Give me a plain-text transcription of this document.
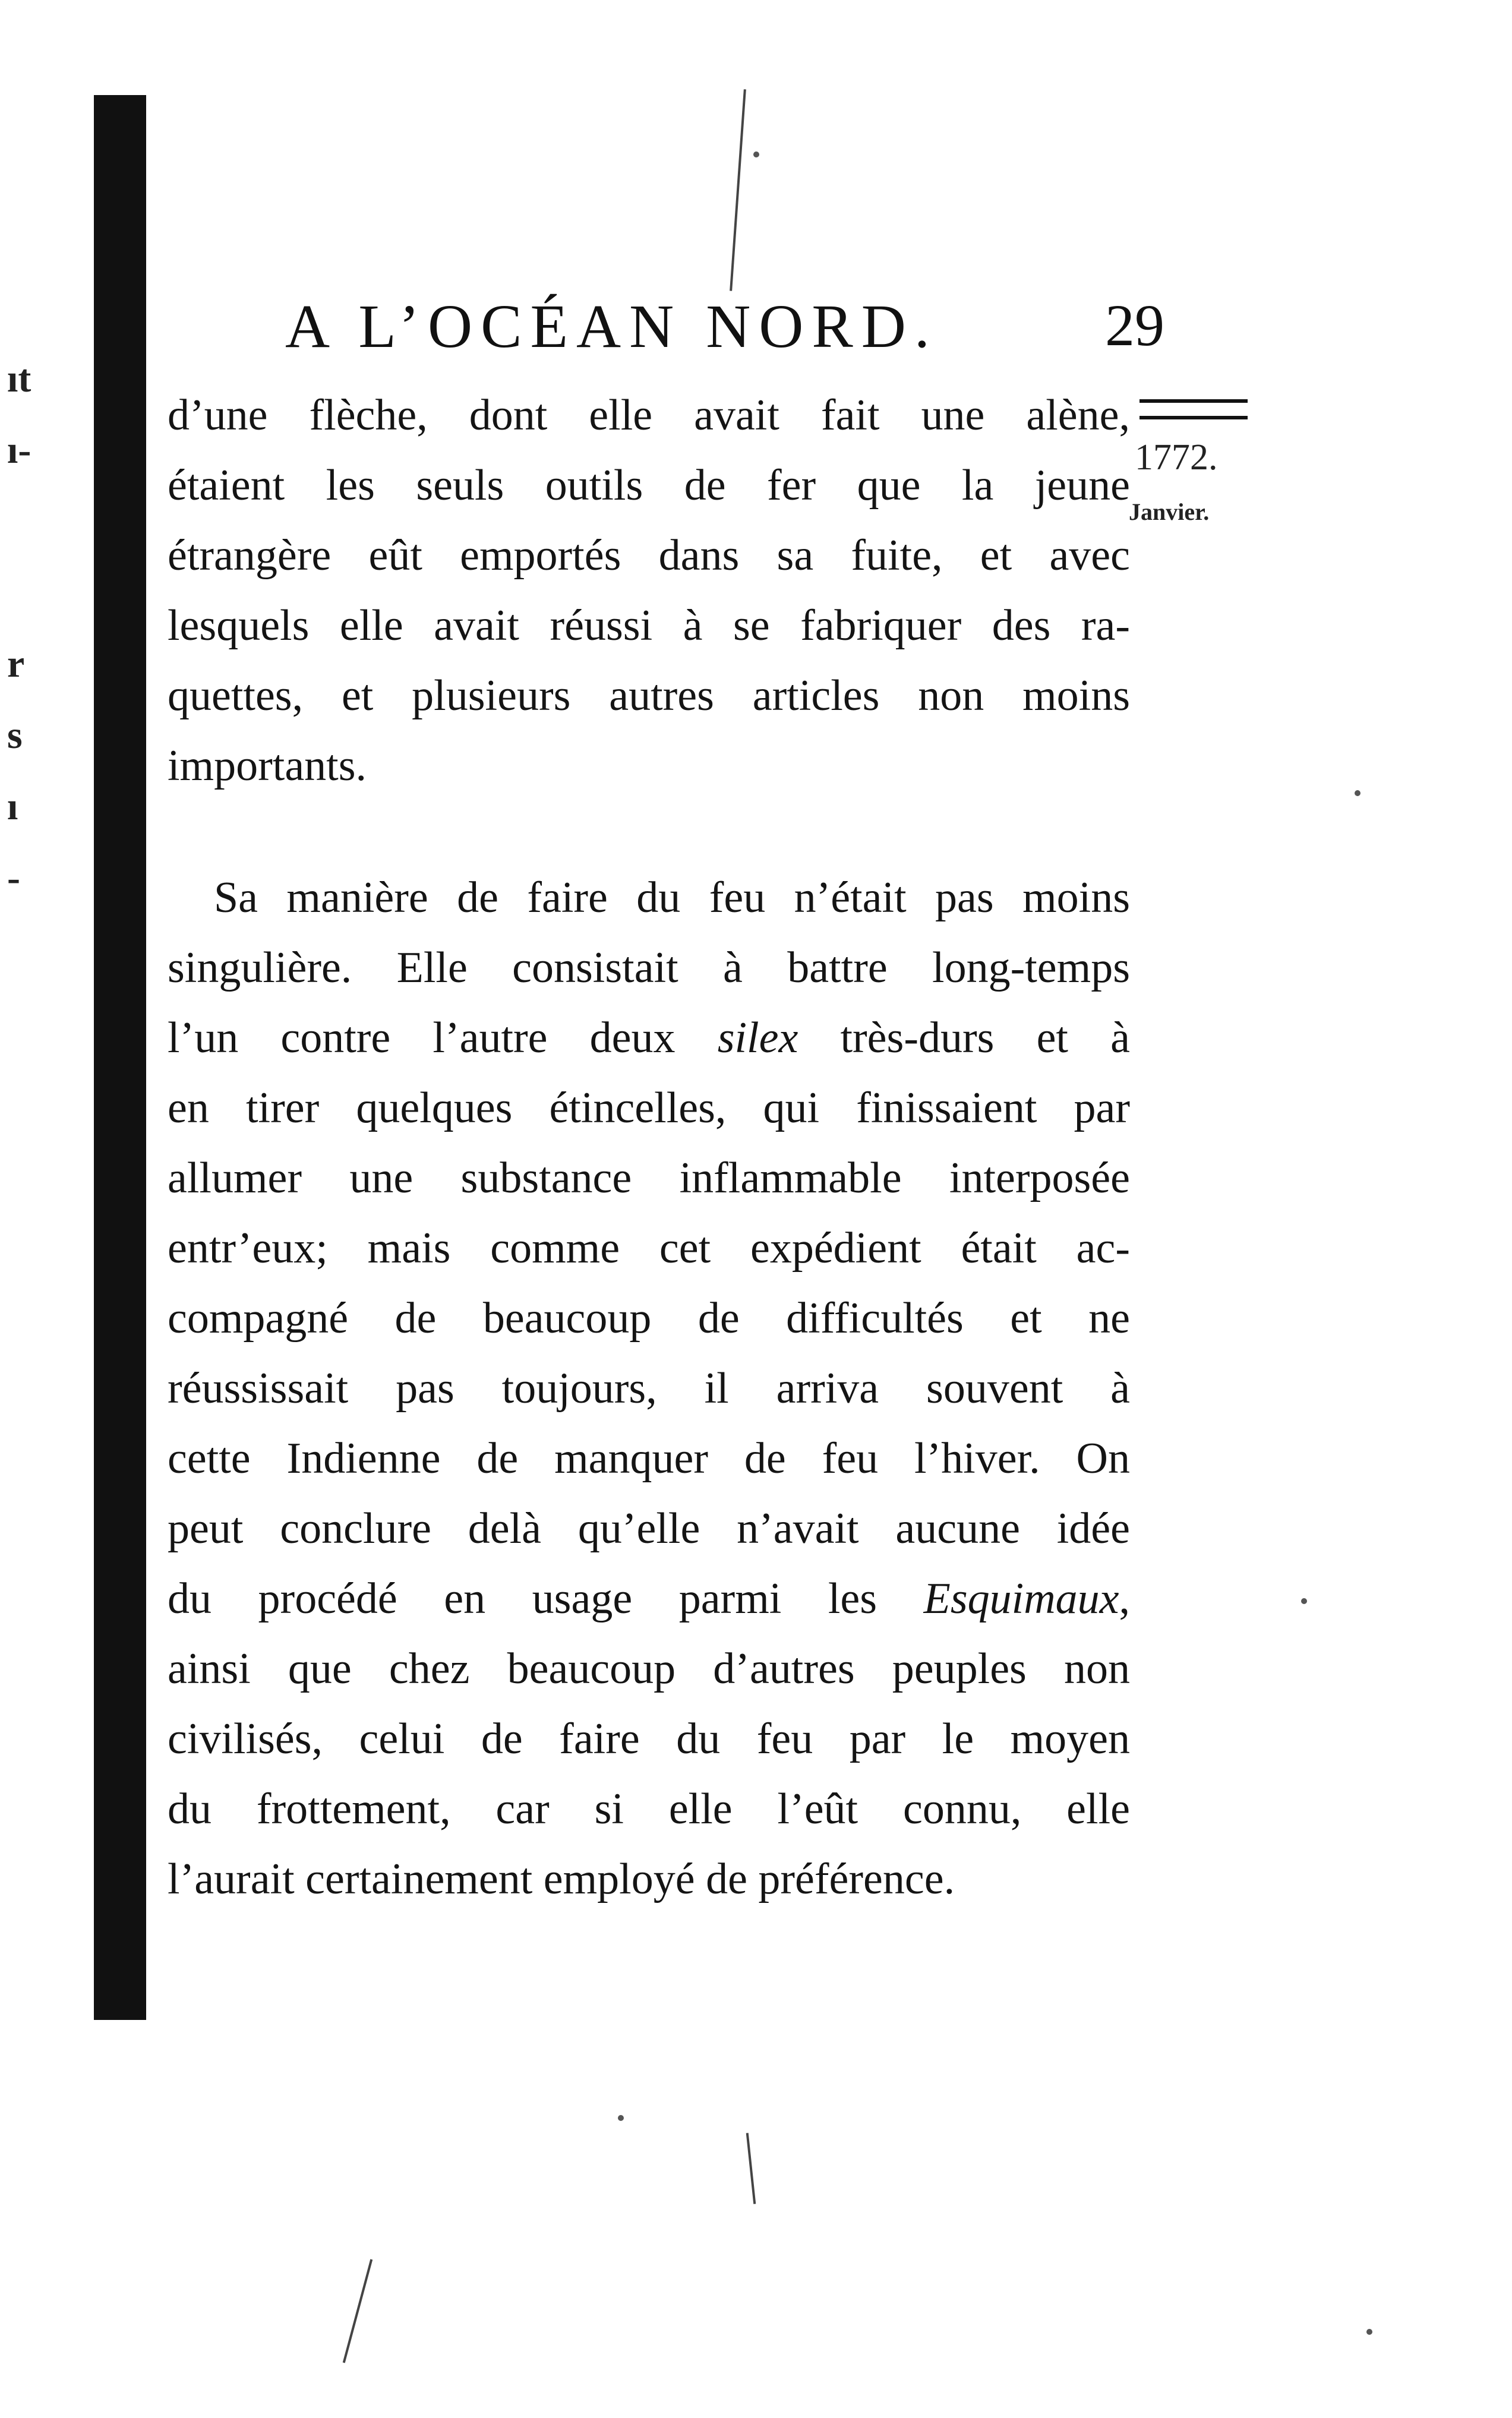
ıt
ı-
r
s
ı
-
A L’OCÉAN NORD.	29
1772.
Janvier.
d’une flèche, dont elle avait fait une alène,
étaient les seuls outils de fer que la jeune
étrangère eût emportés dans sa fuite, et avec
lesquels elle avait réussi à se fabriquer des ra-
quettes, et plusieurs autres articles non moins
importants.
Sa manière de faire du feu n’était pas moins
singulière. Elle consistait à battre long-temps
l’un contre l’autre deux silex très-durs et à
en tirer quelques étincelles, qui finissaient par
allumer une substance inflammable interposée
entr’eux; mais comme cet expédient était ac-
compagné de beaucoup de difficultés et ne
réussissait pas toujours, il arriva souvent à
cette Indienne de manquer de feu l’hiver. On
peut conclure delà qu’elle n’avait aucune idée
du procédé en usage parmi les Esquimaux,
ainsi que chez beaucoup d’autres peuples non
civilisés, celui de faire du feu par le moyen
du frottement, car si elle l’eût connu, elle
l’aurait certainement employé de préférence.
